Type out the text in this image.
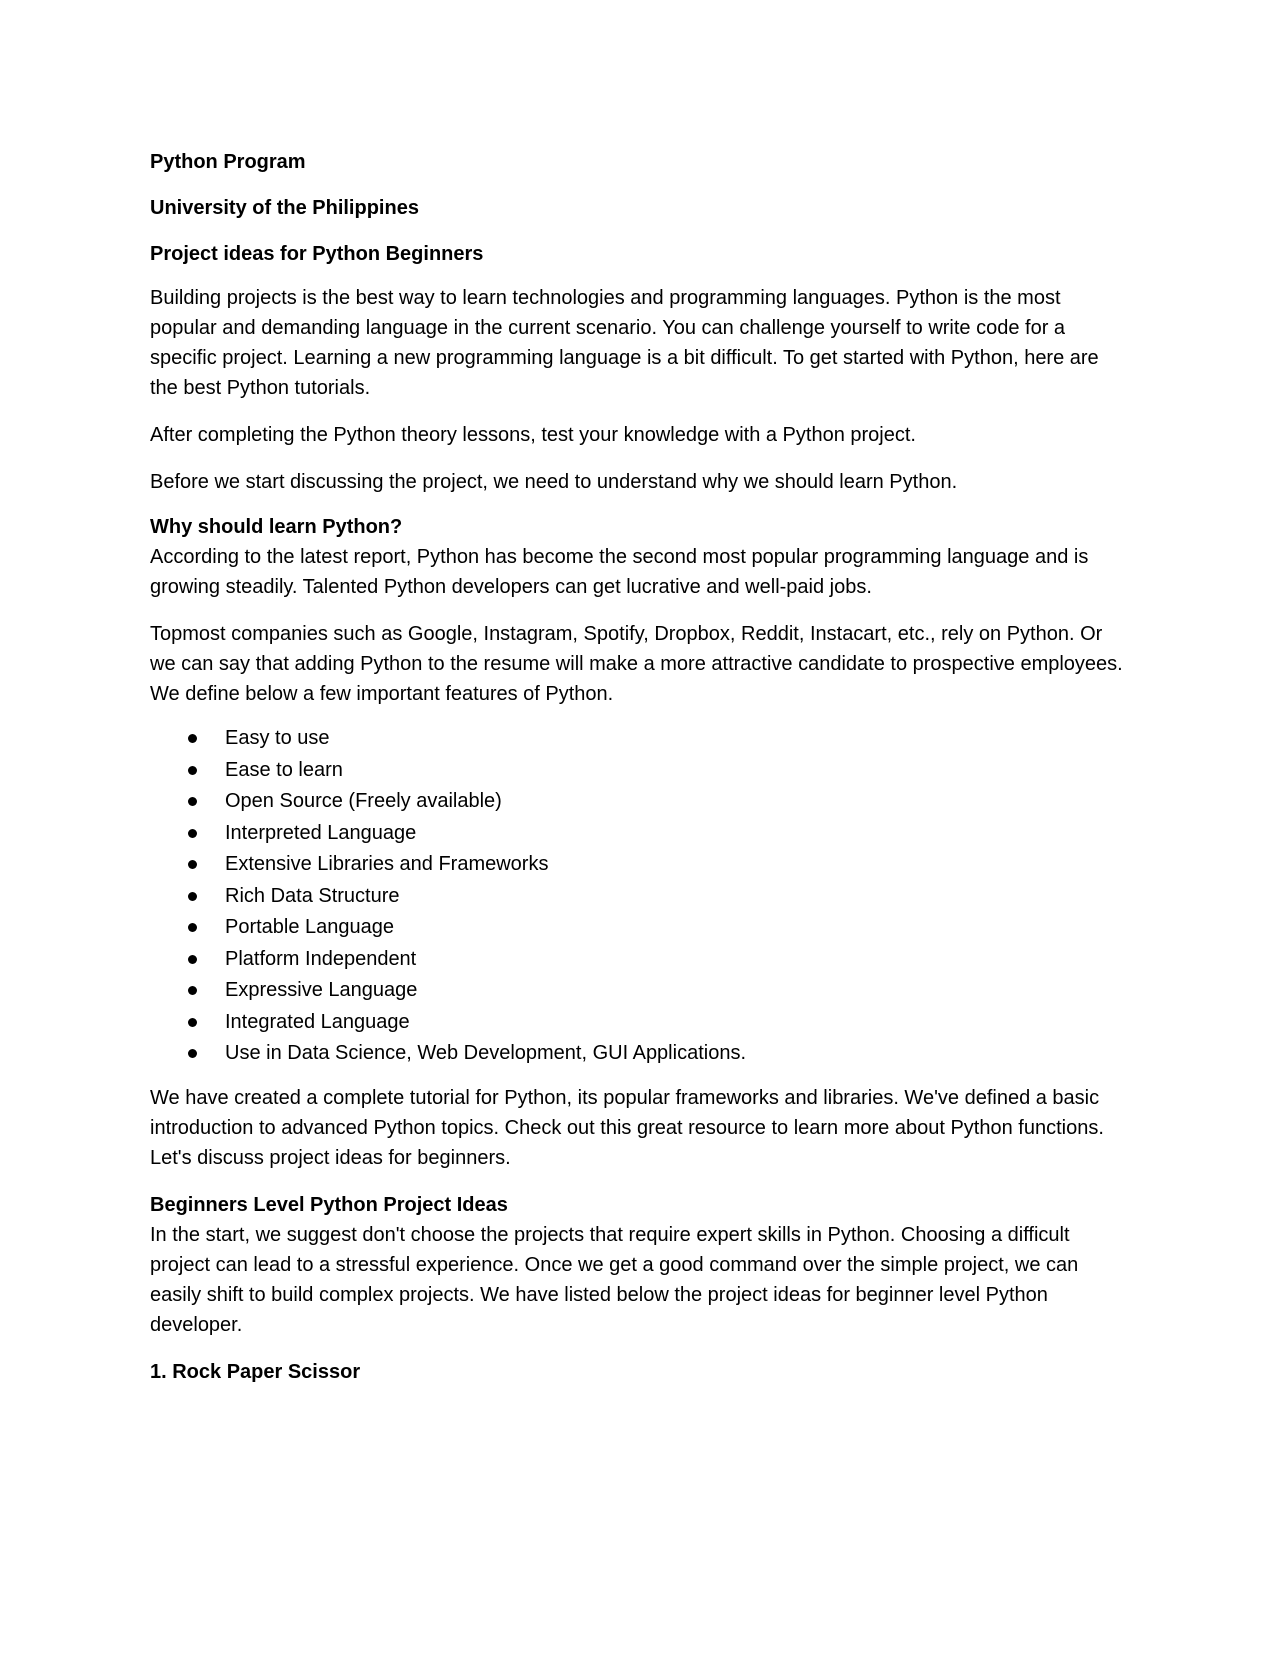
Python Program
University of the Philippines
Project ideas for Python Beginners

Building projects is the best way to learn technologies and programming languages. Python is the most popular and demanding language in the current scenario. You can challenge yourself to write code for a specific project. Learning a new programming language is a bit difficult. To get started with Python, here are the best Python tutorials.

After completing the Python theory lessons, test your knowledge with a Python project.

Before we start discussing the project, we need to understand why we should learn Python.

Why should learn Python?

According to the latest report, Python has become the second most popular programming language and is growing steadily. Talented Python developers can get lucrative and well-paid jobs.

Topmost companies such as Google, Instagram, Spotify, Dropbox, Reddit, Instacart, etc., rely on Python. Or we can say that adding Python to the resume will make a more attractive candidate to prospective employees. We define below a few important features of Python.

Easy to use
Ease to learn
Open Source (Freely available)
Interpreted Language
Extensive Libraries and Frameworks
Rich Data Structure
Portable Language
Platform Independent
Expressive Language
Integrated Language
Use in Data Science, Web Development, GUI Applications.

We have created a complete tutorial for Python, its popular frameworks and libraries. We've defined a basic introduction to advanced Python topics. Check out this great resource to learn more about Python functions. Let's discuss project ideas for beginners.

Beginners Level Python Project Ideas

In the start, we suggest don't choose the projects that require expert skills in Python. Choosing a difficult project can lead to a stressful experience. Once we get a good command over the simple project, we can easily shift to build complex projects. We have listed below the project ideas for beginner level Python developer.

1. Rock Paper Scissor
